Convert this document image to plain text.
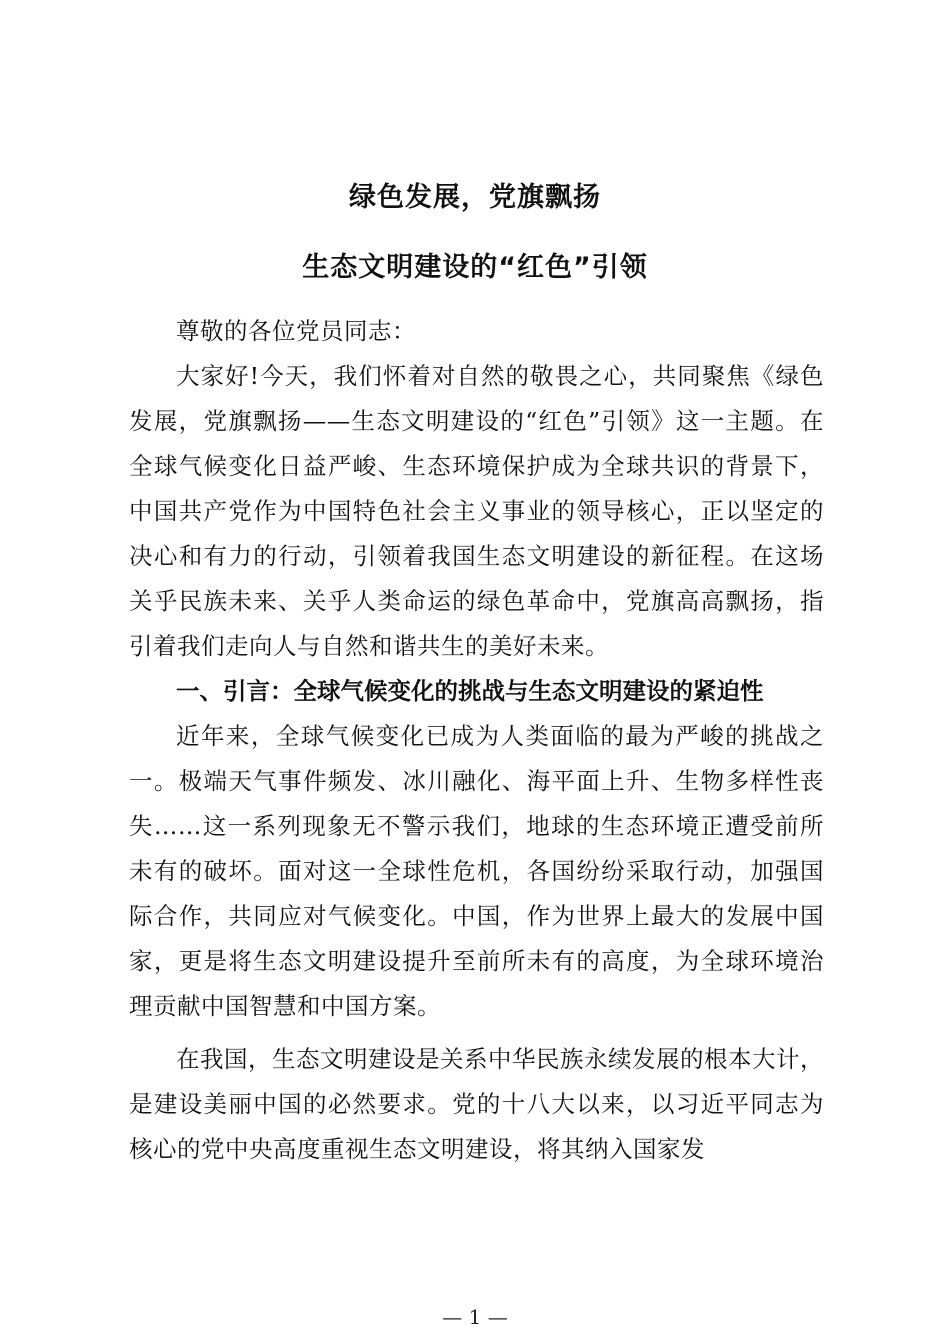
绿色发展，党旗飘扬
生态文明建设的“红色”引领

尊敬的各位党员同志：

大家好!今天，我们怀着对自然的敬畏之心，共同聚焦《绿色发展，党旗飘扬——生态文明建设的“红色”引领》这一主题。在全球气候变化日益严峻、生态环境保护成为全球共识的背景下，中国共产党作为中国特色社会主义事业的领导核心，正以坚定的决心和有力的行动，引领着我国生态文明建设的新征程。在这场关乎民族未来、关乎人类命运的绿色革命中，党旗高高飘扬，指引着我们走向人与自然和谐共生的美好未来。

一、引言：全球气候变化的挑战与生态文明建设的紧迫性

近年来，全球气候变化已成为人类面临的最为严峻的挑战之一。极端天气事件频发、冰川融化、海平面上升、生物多样性丧失……这一系列现象无不警示我们，地球的生态环境正遭受前所未有的破坏。面对这一全球性危机，各国纷纷采取行动，加强国际合作，共同应对气候变化。中国，作为世界上最大的发展中国家，更是将生态文明建设提升至前所未有的高度，为全球环境治理贡献中国智慧和中国方案。

在我国，生态文明建设是关系中华民族永续发展的根本大计，是建设美丽中国的必然要求。党的十八大以来，以习近平同志为核心的党中央高度重视生态文明建设，将其纳入国家发

— 1 —
